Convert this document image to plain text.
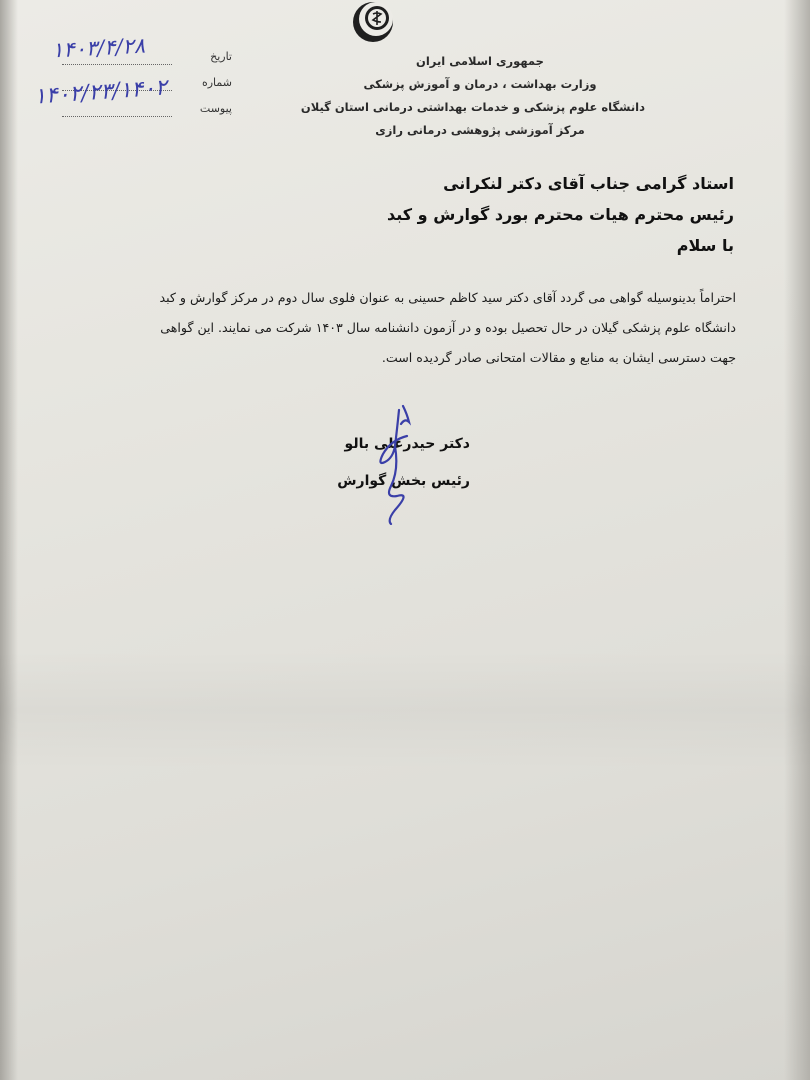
جمهوری اسلامی ایران
وزارت بهداشت ، درمان و آموزش پزشکی
دانشگاه علوم پزشکی و خدمات بهداشتی درمانی استان گیلان
مرکز آموزشی پژوهشی درمانی رازی
تاریخ
شماره
پیوست
۱۴۰۳/۴/۲۸
۱۴۰۲/۲۳/۱۴۰۲
استاد گرامی جناب آقای دکتر لنکرانی
رئیس محترم هیات محترم بورد گوارش و کبد
با سلام
احتراماً بدینوسیله گواهی می گردد آقای دکتر سید کاظم حسینی به عنوان فلوی سال دوم در مرکز گوارش و کبد
دانشگاه علوم پزشکی گیلان در حال تحصیل بوده و در آزمون دانشنامه سال ۱۴۰۳ شرکت می نمایند. این گواهی
جهت دسترسی ایشان به منابع و مقالات امتحانی صادر گردیده است.
دکتر حیدرعلی بالو
رئیس بخش گوارش
